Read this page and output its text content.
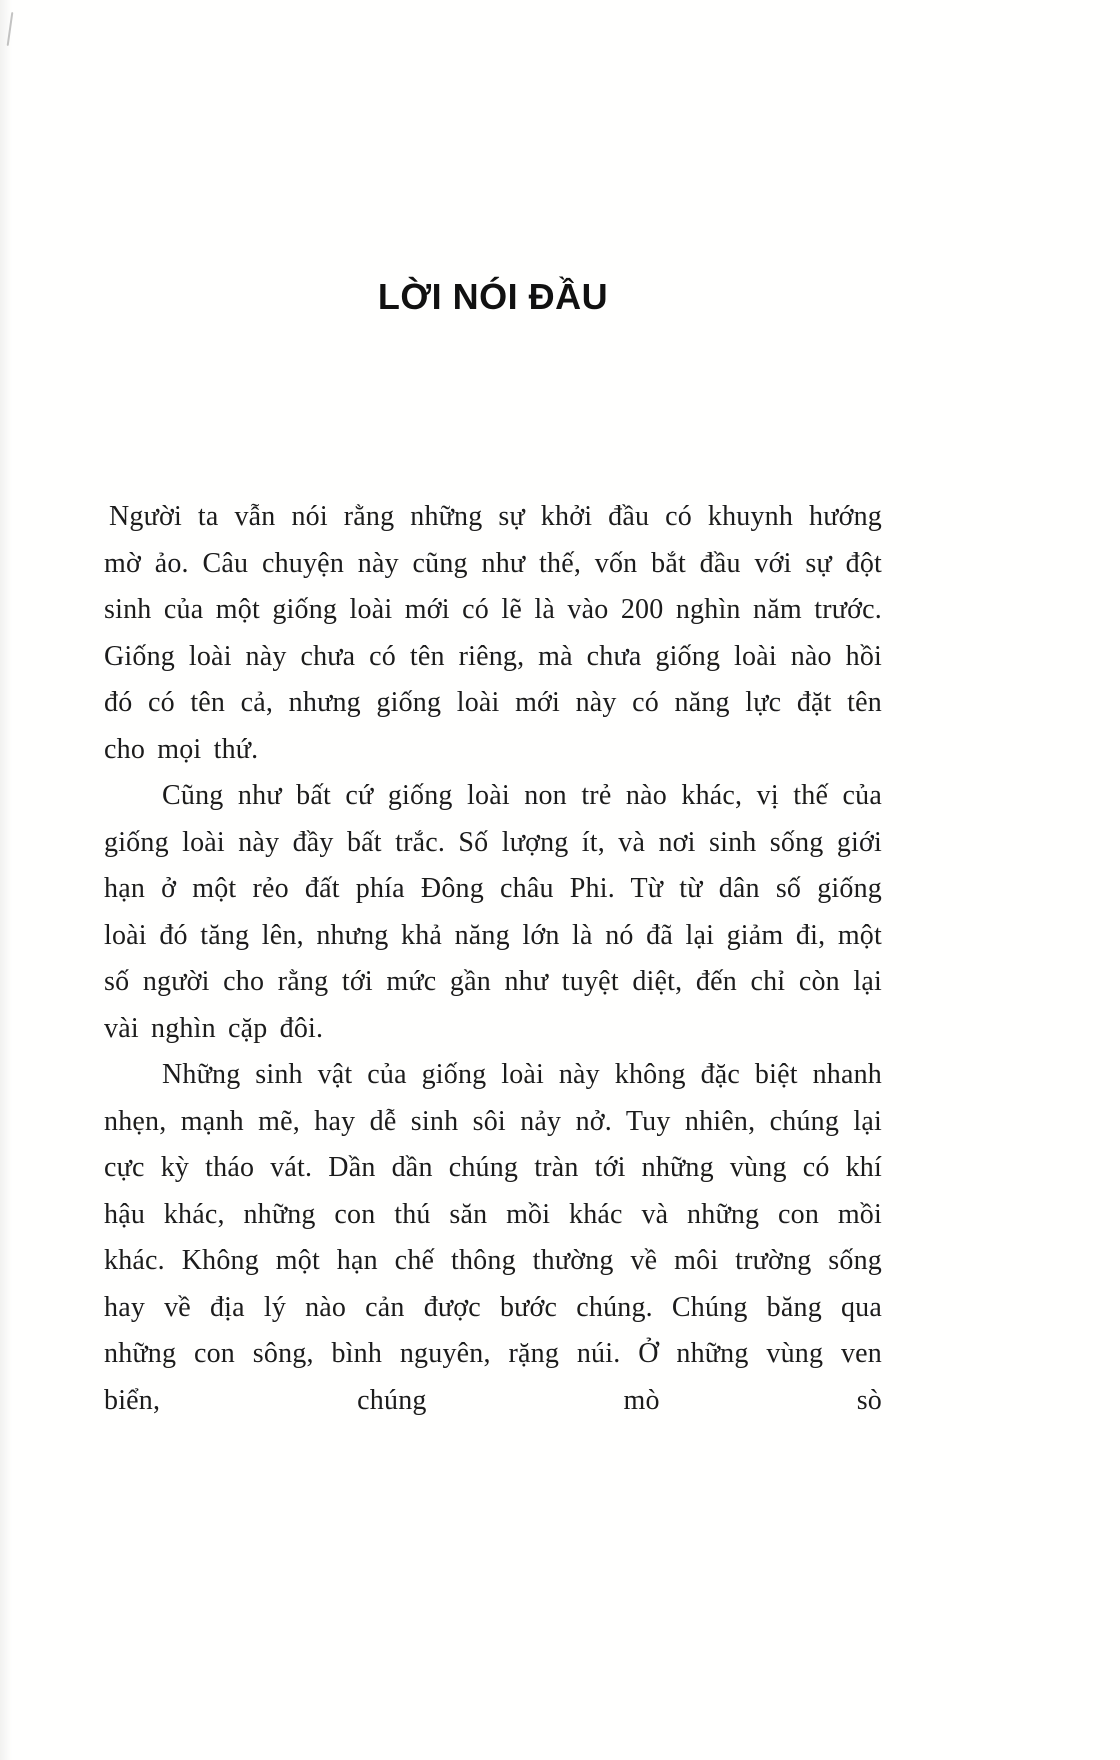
LỜI NÓI ĐẦU

Người ta vẫn nói rằng những sự khởi đầu có khuynh hướng mờ ảo. Câu chuyện này cũng như thế, vốn bắt đầu với sự đột sinh của một giống loài mới có lẽ là vào 200 nghìn năm trước. Giống loài này chưa có tên riêng, mà chưa giống loài nào hồi đó có tên cả, nhưng giống loài mới này có năng lực đặt tên cho mọi thứ.

Cũng như bất cứ giống loài non trẻ nào khác, vị thế của giống loài này đầy bất trắc. Số lượng ít, và nơi sinh sống giới hạn ở một rẻo đất phía Đông châu Phi. Từ từ dân số giống loài đó tăng lên, nhưng khả năng lớn là nó đã lại giảm đi, một số người cho rằng tới mức gần như tuyệt diệt, đến chỉ còn lại vài nghìn cặp đôi.

Những sinh vật của giống loài này không đặc biệt nhanh nhẹn, mạnh mẽ, hay dễ sinh sôi nảy nở. Tuy nhiên, chúng lại cực kỳ tháo vát. Dần dần chúng tràn tới những vùng có khí hậu khác, những con thú săn mồi khác và những con mồi khác. Không một hạn chế thông thường về môi trường sống hay về địa lý nào cản được bước chúng. Chúng băng qua những con sông, bình nguyên, rặng núi. Ở những vùng ven biển, chúng mò sò
